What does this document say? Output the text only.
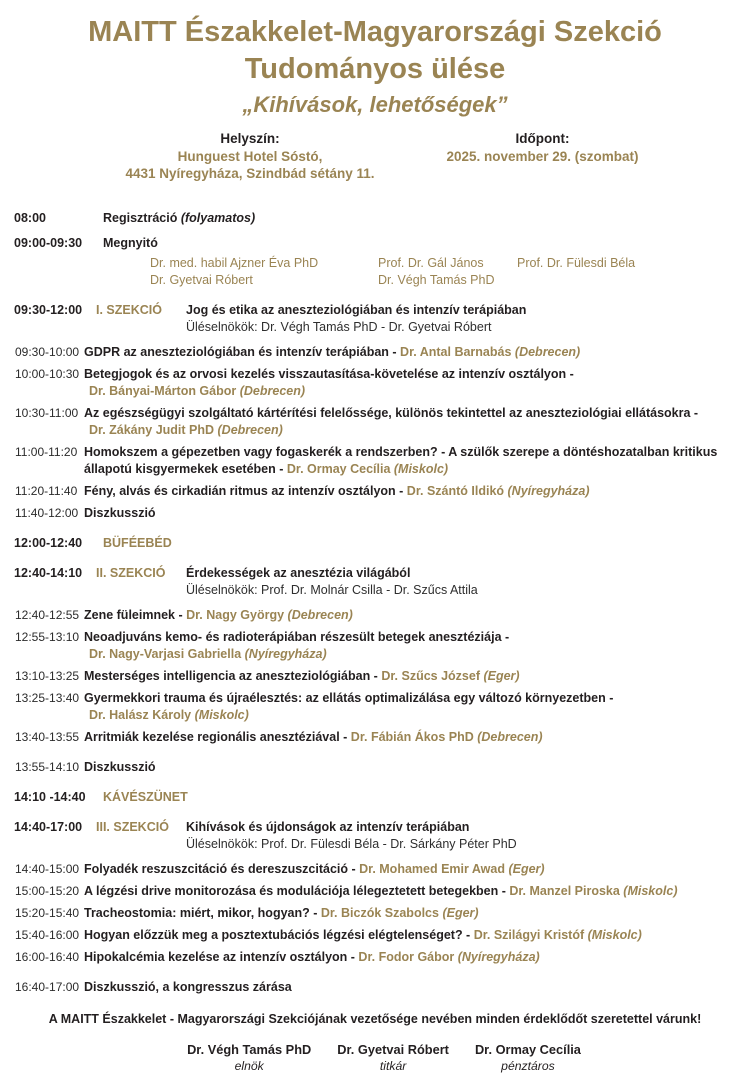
MAITT Északkelet-Magyarországi Szekció
Tudományos ülése
„Kihívások, lehetőségek”
Helyszín:
Hunguest Hotel Sóstó,
4431 Nyíregyháza, Szindbád sétány 11.
Időpont:
2025. november 29. (szombat)
08:00	Regisztráció (folyamatos)
09:00-09:30	Megnyitó
Dr. med. habil Ajzner Éva PhD	Prof. Dr. Gál János	Prof. Dr. Fülesdi Béla
Dr. Gyetvai Róbert	Dr. Végh Tamás PhD
09:30-12:00	I. SZEKCIÓ	Jog és etika az aneszteziológiában és intenzív terápiában
Üléselnökök: Dr. Végh Tamás PhD - Dr. Gyetvai Róbert
09:30-10:00 GDPR az aneszteziológiában és intenzív terápiában - Dr. Antal Barnabás (Debrecen)
10:00-10:30 Betegjogok és az orvosi kezelés visszautasítása-követelése az intenzív osztályon -
Dr. Bányai-Márton Gábor (Debrecen)
10:30-11:00 Az egészségügyi szolgáltató kártérítési felelőssége, különös tekintettel az aneszteziológiai ellátásokra -
Dr. Zákány Judit PhD (Debrecen)
11:00-11:20 Homokszem a gépezetben vagy fogaskerék a rendszerben? - A szülők szerepe a döntéshozatalban kritikus
állapotú kisgyermekek esetében - Dr. Ormay Cecília (Miskolc)
11:20-11:40 Fény, alvás és cirkadián ritmus az intenzív osztályon - Dr. Szántó Ildikó (Nyíregyháza)
11:40-12:00 Diszkusszió
12:00-12:40	BÜFÉEBÉD
12:40-14:10	II. SZEKCIÓ	Érdekességek az anesztézia világából
Üléselnökök: Prof. Dr. Molnár Csilla - Dr. Szűcs Attila
12:40-12:55 Zene füleimnek - Dr. Nagy György (Debrecen)
12:55-13:10 Neoadjuváns kemo- és radioterápiában részesült betegek anesztéziája -
Dr. Nagy-Varjasi Gabriella (Nyíregyháza)
13:10-13:25 Mesterséges intelligencia az aneszteziológiában - Dr. Szűcs József (Eger)
13:25-13:40 Gyermekkori trauma és újraélesztés: az ellátás optimalizálása egy változó környezetben -
Dr. Halász Károly (Miskolc)
13:40-13:55 Arritmiák kezelése regionális anesztéziával - Dr. Fábián Ákos PhD (Debrecen)
13:55-14:10 Diszkusszió
14:10 -14:40	KÁVÉSZÜNET
14:40-17:00	III. SZEKCIÓ	Kihívások és újdonságok az intenzív terápiában
Üléselnökök: Prof. Dr. Fülesdi Béla - Dr. Sárkány Péter PhD
14:40-15:00 Folyadék reszuszcitáció és dereszuszcitáció - Dr. Mohamed Emir Awad (Eger)
15:00-15:20 A légzési drive monitorozása és modulációja lélegeztetett betegekben - Dr. Manzel Piroska (Miskolc)
15:20-15:40 Tracheostomia: miért, mikor, hogyan? - Dr. Biczók Szabolcs (Eger)
15:40-16:00 Hogyan előzzük meg a posztextubációs légzési elégtelenséget? - Dr. Szilágyi Kristóf (Miskolc)
16:00-16:40 Hipokalcémia kezelése az intenzív osztályon - Dr. Fodor Gábor (Nyíregyháza)
16:40-17:00 Diszkusszió, a kongresszus zárása
A MAITT Északkelet - Magyarországi Szekciójának vezetősége nevében minden érdeklődőt szeretettel várunk!
Dr. Végh Tamás PhD
elnök
Dr. Gyetvai Róbert
titkár
Dr. Ormay Cecília
pénztáros
